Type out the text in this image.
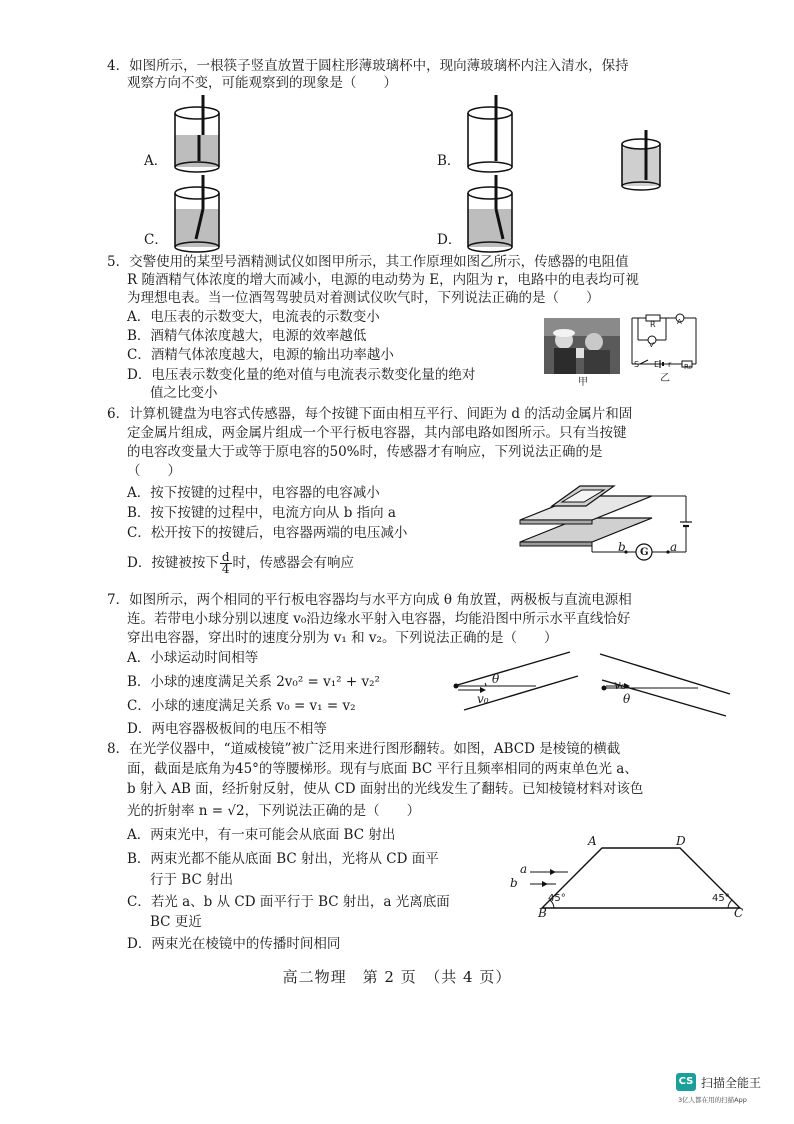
4．如图所示，一根筷子竖直放置于圆柱形薄玻璃杯中，现向薄玻璃杯内注入清水，保持
观察方向不变，可能观察到的现象是（　　）
A．	B．
C．	D．
5．交警使用的某型号酒精测试仪如图甲所示，其工作原理如图乙所示，传感器的电阻值
R 随酒精气体浓度的增大而减小，电源的电动势为 E，内阻为 r，电路中的电表均可视
为理想电表。当一位酒驾驾驶员对着测试仪吹气时，下列说法正确的是（　　）
A．电压表的示数变大，电流表的示数变小
B．酒精气体浓度越大，电源的效率越低
C．酒精气体浓度越大，电源的输出功率越小
D．电压表示数变化量的绝对值与电流表示数变化量的绝对
值之比变小
甲
R	A
V
S E r R₀
乙
6．计算机键盘为电容式传感器，每个按键下面由相互平行、间距为 d 的活动金属片和固
定金属片组成，两金属片组成一个平行板电容器，其内部电路如图所示。只有当按键
的电容改变量大于或等于原电容的50%时，传感器才有响应，下列说法正确的是
（　　）
A．按下按键的过程中，电容器的电容减小
B．按下按键的过程中，电流方向从 b 指向 a
C．松开按下的按键后，电容器两端的电压减小
D．按键被按下 $\frac{d}{4}$ 时，传感器会有响应
b G a
7．如图所示，两个相同的平行板电容器均与水平方向成 θ 角放置，两极板与直流电源相
连。若带电小球分别以速度 v₀沿边缘水平射入电容器，均能沿图中所示水平直线恰好
穿出电容器，穿出时的速度分别为 v₁ 和 v₂。下列说法正确的是（　　）
A．小球运动时间相等
B．小球的速度满足关系 2v₀² = v₁² + v₂²
C．小球的速度满足关系 v₀ = v₁ = v₂
D．两电容器极板间的电压不相等
θ
v₀
v₀
θ
8．在光学仪器中，“道威棱镜”被广泛用来进行图形翻转。如图，ABCD 是棱镜的横截
面，截面是底角为45°的等腰梯形。现有与底面 BC 平行且频率相同的两束单色光 a、
b 射入 AB 面，经折射反射，使从 CD 面射出的光线发生了翻转。已知棱镜材料对该色
光的折射率 n = √2，下列说法正确的是（　　）
A．两束光中，有一束可能会从底面 BC 射出
B．两束光都不能从底面 BC 射出，光将从 CD 面平
行于 BC 射出
C．若光 a、b 从 CD 面平行于 BC 射出，a 光离底面
BC 更近
D．两束光在棱镜中的传播时间相同
A	D
B	C
a
b
45°	45°
高二物理　第 2 页　（共 4 页）
CS 扫描全能王
3亿人都在用的扫描App
